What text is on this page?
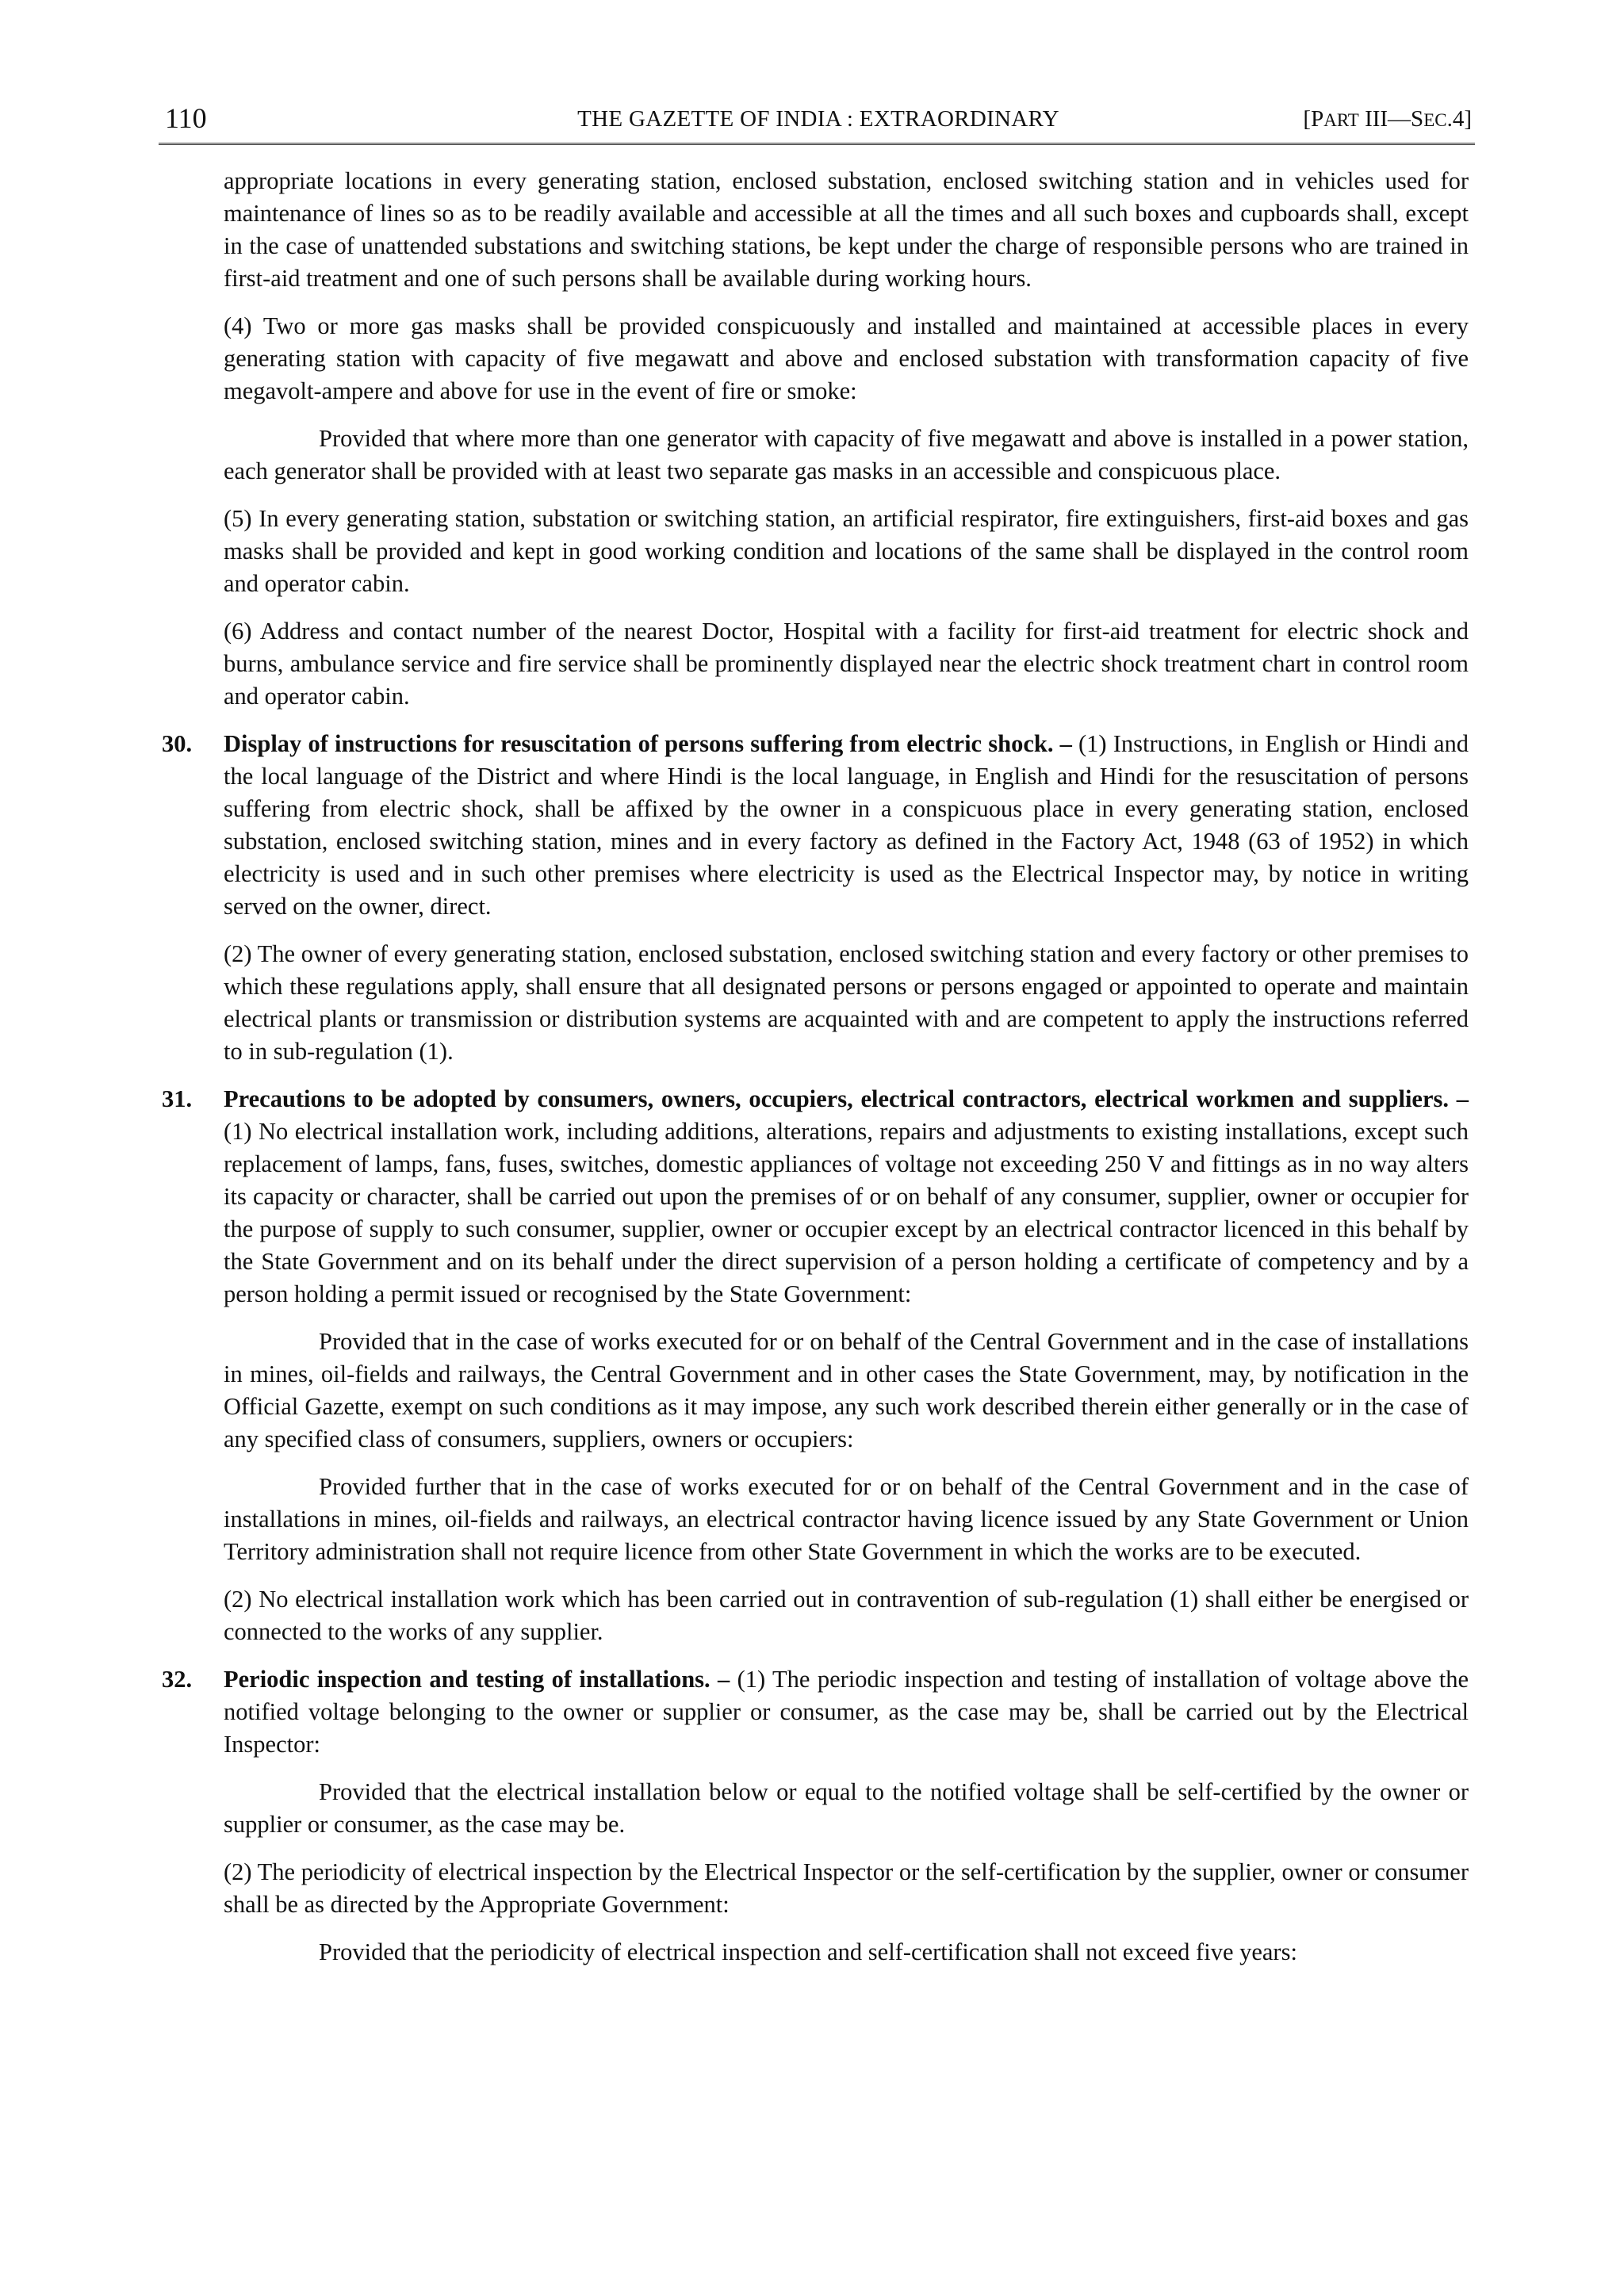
110	THE GAZETTE OF INDIA : EXTRAORDINARY	[PART III—SEC.4]

appropriate locations in every generating station, enclosed substation, enclosed switching station and in vehicles used for maintenance of lines so as to be readily available and accessible at all the times and all such boxes and cupboards shall, except in the case of unattended substations and switching stations, be kept under the charge of responsible persons who are trained in first-aid treatment and one of such persons shall be available during working hours.

(4) Two or more gas masks shall be provided conspicuously and installed and maintained at accessible places in every generating station with capacity of five megawatt and above and enclosed substation with transformation capacity of five megavolt-ampere and above for use in the event of fire or smoke:

Provided that where more than one generator with capacity of five megawatt and above is installed in a power station, each generator shall be provided with at least two separate gas masks in an accessible and conspicuous place.

(5) In every generating station, substation or switching station, an artificial respirator, fire extinguishers, first-aid boxes and gas masks shall be provided and kept in good working condition and locations of the same shall be displayed in the control room and operator cabin.

(6) Address and contact number of the nearest Doctor, Hospital with a facility for first-aid treatment for electric shock and burns, ambulance service and fire service shall be prominently displayed near the electric shock treatment chart in control room and operator cabin.

30. Display of instructions for resuscitation of persons suffering from electric shock. – (1) Instructions, in English or Hindi and the local language of the District and where Hindi is the local language, in English and Hindi for the resuscitation of persons suffering from electric shock, shall be affixed by the owner in a conspicuous place in every generating station, enclosed substation, enclosed switching station, mines and in every factory as defined in the Factory Act, 1948 (63 of 1952) in which electricity is used and in such other premises where electricity is used as the Electrical Inspector may, by notice in writing served on the owner, direct.

(2) The owner of every generating station, enclosed substation, enclosed switching station and every factory or other premises to which these regulations apply, shall ensure that all designated persons or persons engaged or appointed to operate and maintain electrical plants or transmission or distribution systems are acquainted with and are competent to apply the instructions referred to in sub-regulation (1).

31. Precautions to be adopted by consumers, owners, occupiers, electrical contractors, electrical workmen and suppliers. – (1) No electrical installation work, including additions, alterations, repairs and adjustments to existing installations, except such replacement of lamps, fans, fuses, switches, domestic appliances of voltage not exceeding 250 V and fittings as in no way alters its capacity or character, shall be carried out upon the premises of or on behalf of any consumer, supplier, owner or occupier for the purpose of supply to such consumer, supplier, owner or occupier except by an electrical contractor licenced in this behalf by the State Government and on its behalf under the direct supervision of a person holding a certificate of competency and by a person holding a permit issued or recognised by the State Government:

Provided that in the case of works executed for or on behalf of the Central Government and in the case of installations in mines, oil-fields and railways, the Central Government and in other cases the State Government, may, by notification in the Official Gazette, exempt on such conditions as it may impose, any such work described therein either generally or in the case of any specified class of consumers, suppliers, owners or occupiers:

Provided further that in the case of works executed for or on behalf of the Central Government and in the case of installations in mines, oil-fields and railways, an electrical contractor having licence issued by any State Government or Union Territory administration shall not require licence from other State Government in which the works are to be executed.

(2) No electrical installation work which has been carried out in contravention of sub-regulation (1) shall either be energised or connected to the works of any supplier.

32. Periodic inspection and testing of installations. – (1) The periodic inspection and testing of installation of voltage above the notified voltage belonging to the owner or supplier or consumer, as the case may be, shall be carried out by the Electrical Inspector:

Provided that the electrical installation below or equal to the notified voltage shall be self-certified by the owner or supplier or consumer, as the case may be.

(2) The periodicity of electrical inspection by the Electrical Inspector or the self-certification by the supplier, owner or consumer shall be as directed by the Appropriate Government:

Provided that the periodicity of electrical inspection and self-certification shall not exceed five years:
